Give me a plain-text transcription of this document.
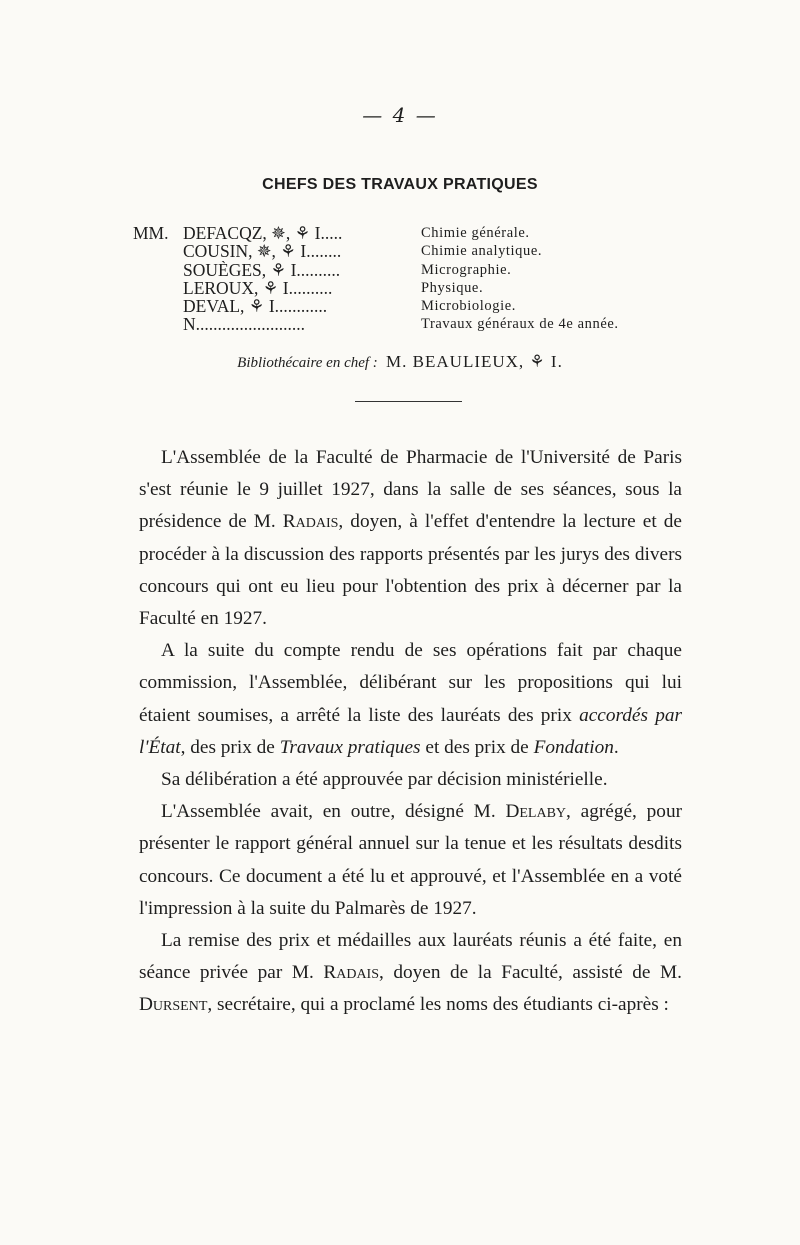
— 4 —
CHEFS DES TRAVAUX PRATIQUES
MM. DEFACQZ, ✵, ⚘ I.....	Chimie générale.
COUSIN, ✵, ⚘ I........	Chimie analytique.
SOUÈGES, ⚘ I..........	Micrographie.
LEROUX, ⚘ I..........	Physique.
DEVAL, ⚘ I............	Microbiologie.
N.........................	Travaux généraux de 4e année.
Bibliothécaire en chef : M. BEAULIEUX, ⚘ I.

L'Assemblée de la Faculté de Pharmacie de l'Université de Paris s'est réunie le 9 juillet 1927, dans la salle de ses séances, sous la présidence de M. Radais, doyen, à l'effet d'entendre la lecture et de procéder à la discussion des rapports présentés par les jurys des divers concours qui ont eu lieu pour l'obtention des prix à décerner par la Faculté en 1927.

A la suite du compte rendu de ses opérations fait par chaque commission, l'Assemblée, délibérant sur les propositions qui lui étaient soumises, a arrêté la liste des lauréats des prix accordés par l'État, des prix de Travaux pratiques et des prix de Fondation.

Sa délibération a été approuvée par décision ministérielle.

L'Assemblée avait, en outre, désigné M. Delaby, agrégé, pour présenter le rapport général annuel sur la tenue et les résultats desdits concours. Ce document a été lu et approuvé, et l'Assemblée en a voté l'impression à la suite du Palmarès de 1927.

La remise des prix et médailles aux lauréats réunis a été faite, en séance privée par M. Radais, doyen de la Faculté, assisté de M. Dursent, secrétaire, qui a proclamé les noms des étudiants ci-après :
